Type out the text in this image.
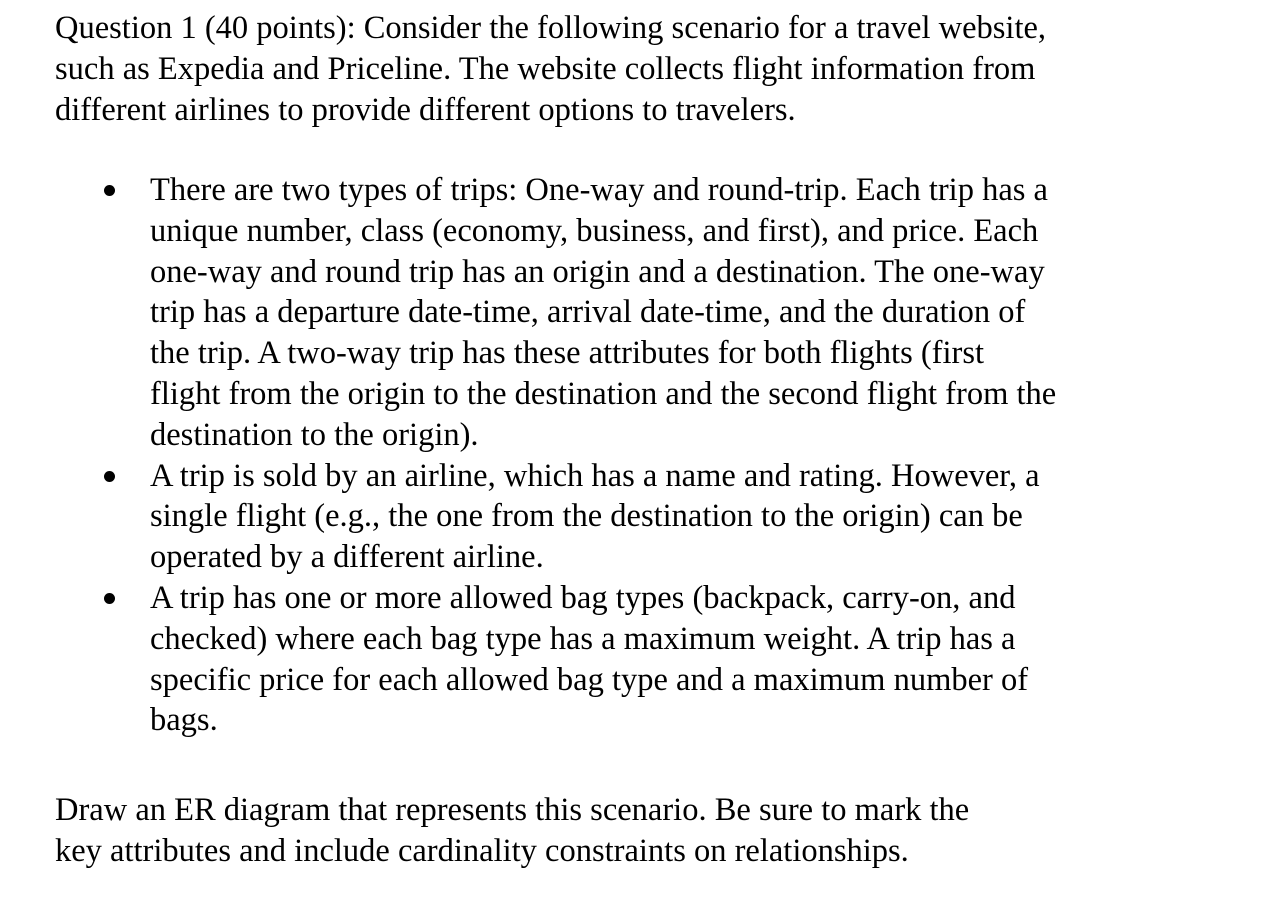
Question 1 (40 points): Consider the following scenario for a travel website,
such as Expedia and Priceline. The website collects flight information from
different airlines to provide different options to travelers.
There are two types of trips: One-way and round-trip. Each trip has a
unique number, class (economy, business, and first), and price. Each
one-way and round trip has an origin and a destination. The one-way
trip has a departure date-time, arrival date-time, and the duration of
the trip. A two-way trip has these attributes for both flights (first
flight from the origin to the destination and the second flight from the
destination to the origin).
A trip is sold by an airline, which has a name and rating. However, a
single flight (e.g., the one from the destination to the origin) can be
operated by a different airline.
A trip has one or more allowed bag types (backpack, carry-on, and
checked) where each bag type has a maximum weight. A trip has a
specific price for each allowed bag type and a maximum number of
bags.
Draw an ER diagram that represents this scenario. Be sure to mark the
key attributes and include cardinality constraints on relationships.
